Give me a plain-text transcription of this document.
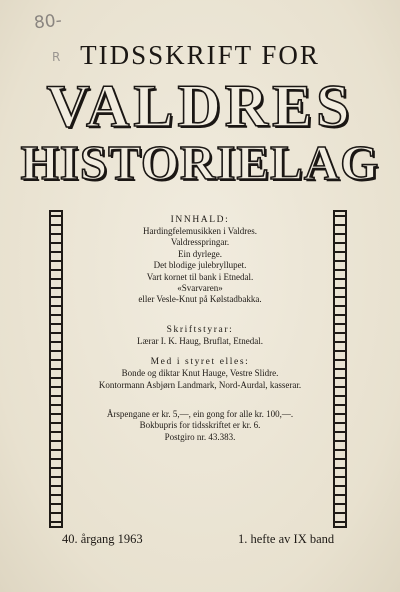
80-
R TIDSSKRIFT FOR
VALDRES
HISTORIELAG
INNHALD:
Hardingfelemusikken i Valdres.
Valdresspringar.
Ein dyrlege.
Det blodige julebryllupet.
Vart kornet til bank i Etnedal.
«Svarvaren»
eller Vesle-Knut på Kølstadbakka.
Skriftstyrar:
Lærar I. K. Haug, Bruflat, Etnedal.
Med i styret elles:
Bonde og diktar Knut Hauge, Vestre Slidre.
Kontormann Asbjørn Landmark, Nord-Aurdal, kasserar.
Årspengane er kr. 5,—, ein gong for alle kr. 100,—.
Bokbupris for tidsskriftet er kr. 6.
Postgiro nr. 43.383.
40. årgang 1963	1. hefte av IX band
